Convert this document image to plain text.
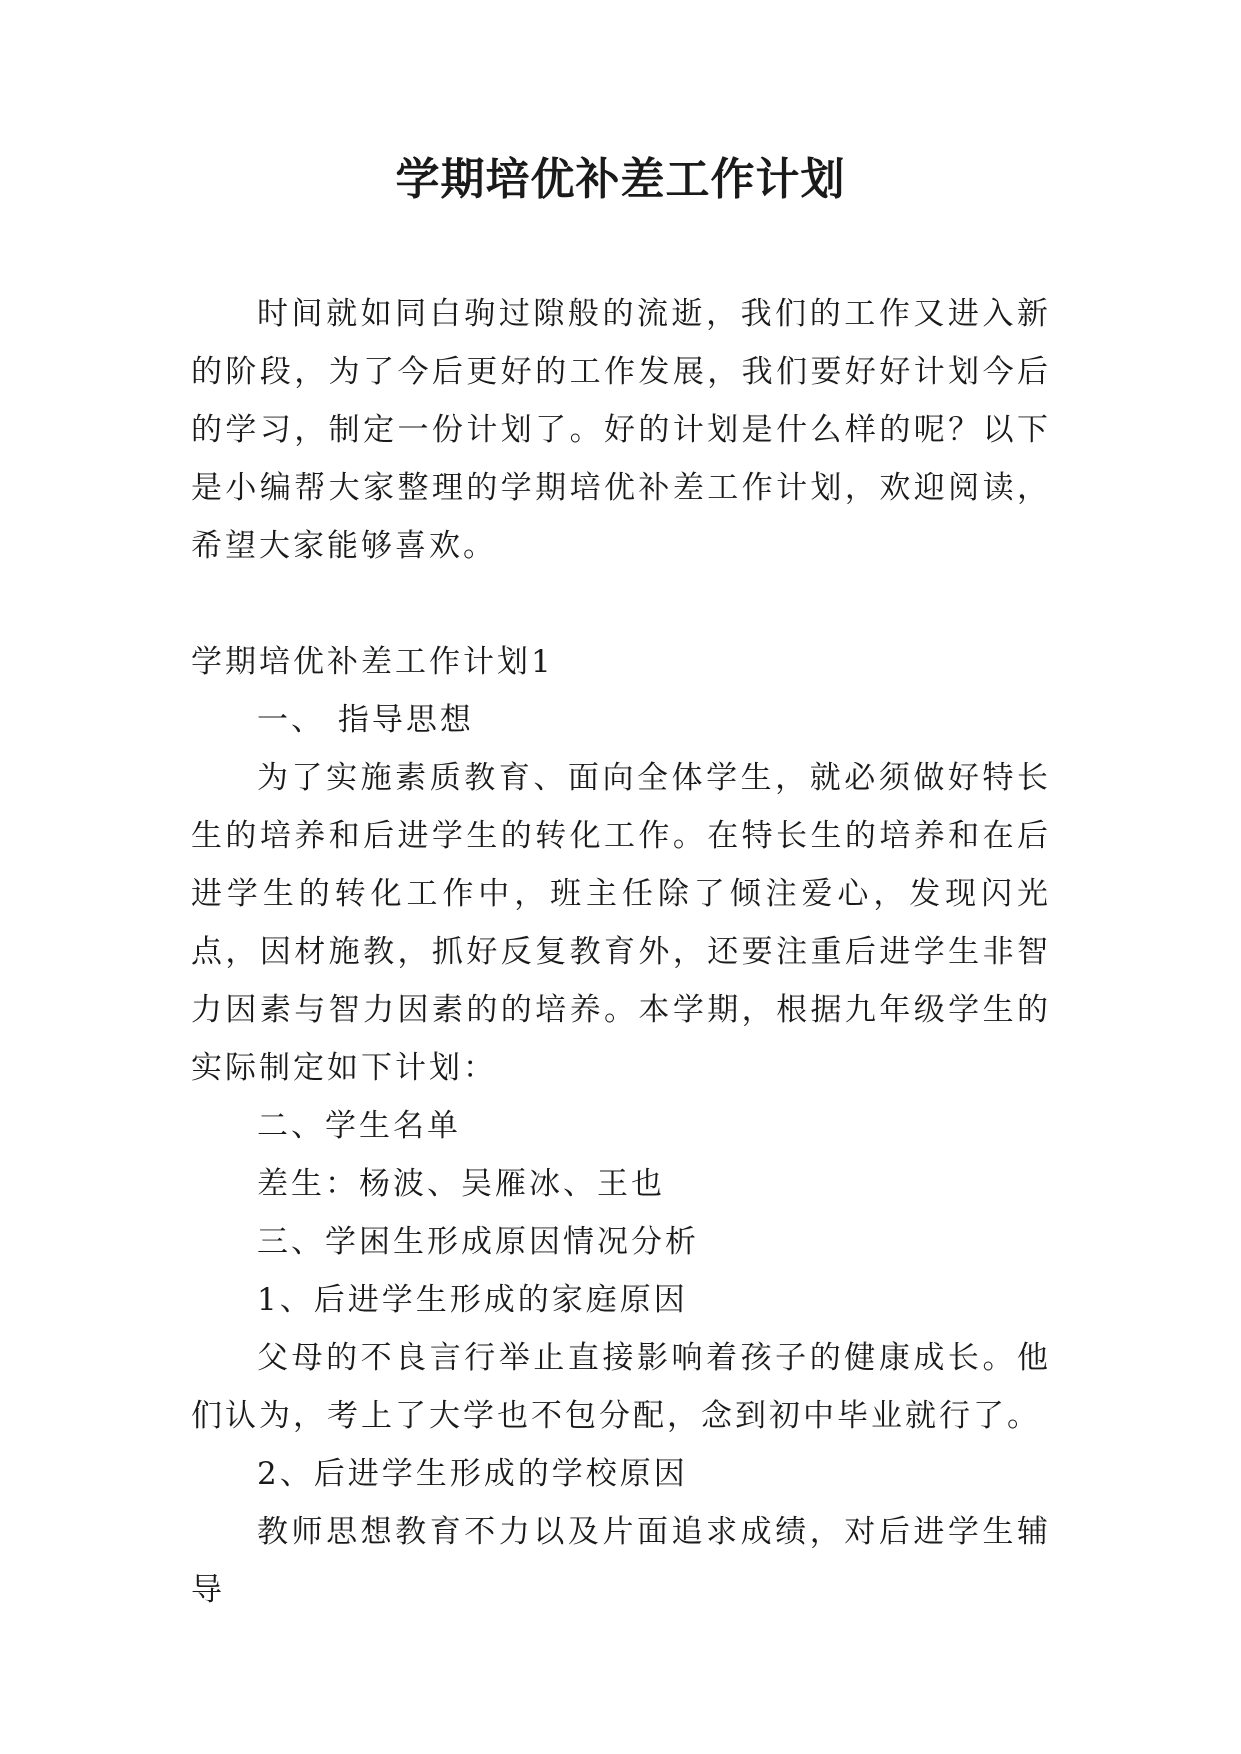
学期培优补差工作计划

时间就如同白驹过隙般的流逝，我们的工作又进入新的阶段，为了今后更好的工作发展，我们要好好计划今后的学习，制定一份计划了。好的计划是什么样的呢？以下是小编帮大家整理的学期培优补差工作计划，欢迎阅读，希望大家能够喜欢。

学期培优补差工作计划1

一、 指导思想

为了实施素质教育、面向全体学生，就必须做好特长生的培养和后进学生的转化工作。在特长生的培养和在后进学生的转化工作中，班主任除了倾注爱心，发现闪光点，因材施教，抓好反复教育外，还要注重后进学生非智力因素与智力因素的的培养。本学期，根据九年级学生的实际制定如下计划：

二、学生名单

差生：杨波、吴雁冰、王也

三、学困生形成原因情况分析

1、后进学生形成的家庭原因

父母的不良言行举止直接影响着孩子的健康成长。他们认为，考上了大学也不包分配，念到初中毕业就行了。

2、后进学生形成的学校原因

教师思想教育不力以及片面追求成绩，对后进学生辅导
